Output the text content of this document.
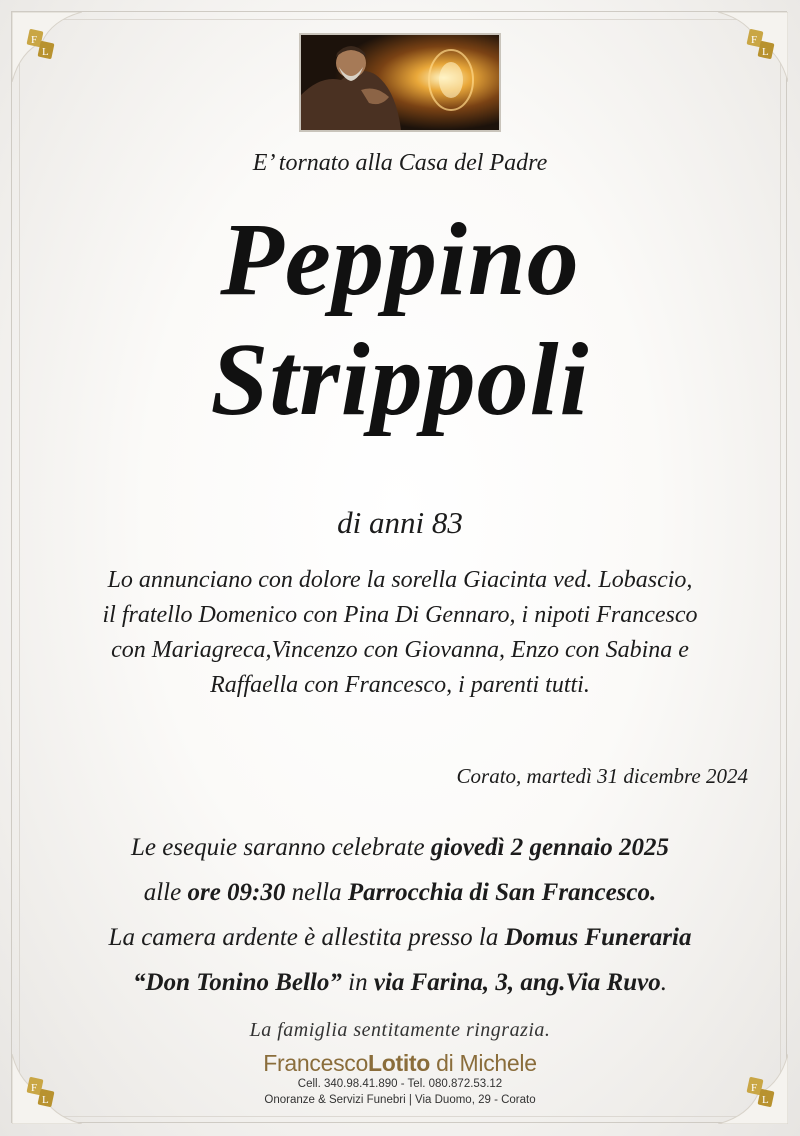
F
L
F
L
F
L
F
L
E’ tornato alla Casa del Padre
Peppino
Strippoli
di anni 83
Lo annunciano con dolore la sorella Giacinta ved. Lobascio,
il fratello Domenico con Pina Di Gennaro, i nipoti Francesco
con Mariagreca,Vincenzo con Giovanna, Enzo con Sabina e
Raffaella con Francesco, i parenti tutti.
Corato, martedì 31 dicembre 2024
Le esequie saranno celebrate giovedì 2 gennaio 2025
alle ore 09:30 nella Parrocchia di San Francesco.
La camera ardente è allestita presso la Domus Funeraria
“Don Tonino Bello” in via Farina, 3, ang.Via Ruvo.
La famiglia sentitamente ringrazia.
FrancescoLotito di Michele
Cell. 340.98.41.890 - Tel. 080.872.53.12
Onoranze & Servizi Funebri | Via Duomo, 29 - Corato
